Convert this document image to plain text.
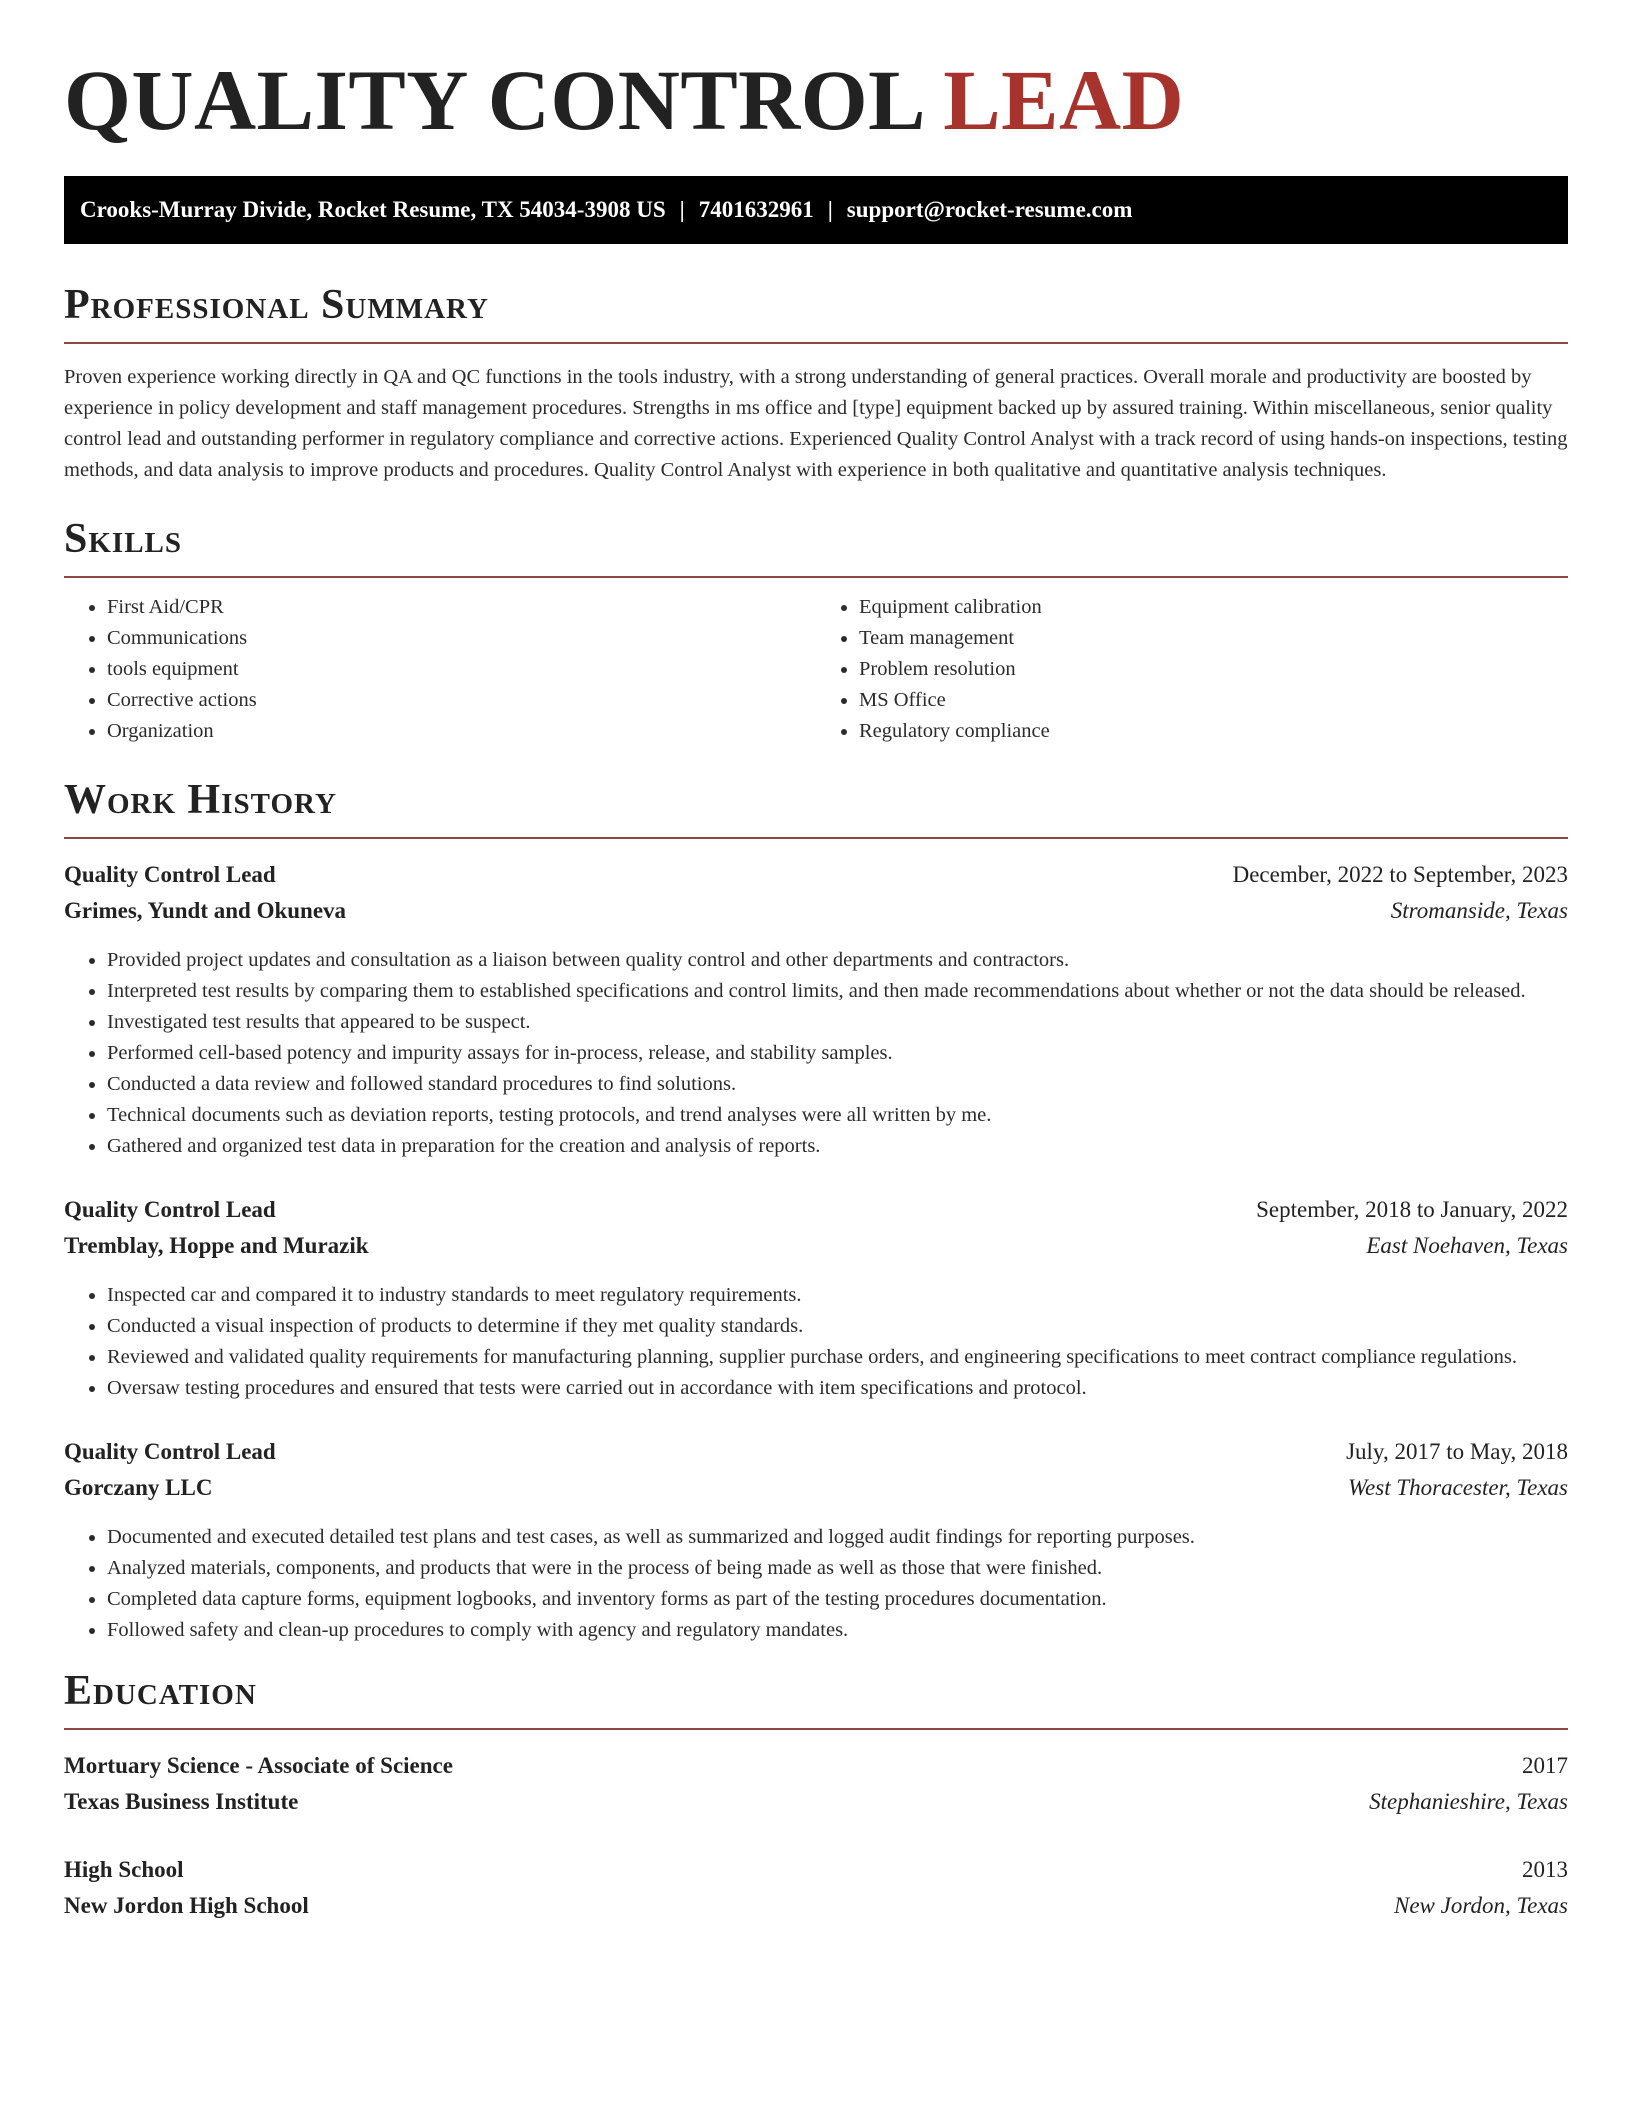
QUALITY CONTROL LEAD
Crooks-Murray Divide, Rocket Resume, TX 54034-3908 US | 7401632961 | support@rocket-resume.com
Professional Summary

Proven experience working directly in QA and QC functions in the tools industry, with a strong understanding of general practices. Overall morale and productivity are boosted by experience in policy development and staff management procedures. Strengths in ms office and [type] equipment backed up by assured training. Within miscellaneous, senior quality control lead and outstanding performer in regulatory compliance and corrective actions. Experienced Quality Control Analyst with a track record of using hands-on inspections, testing methods, and data analysis to improve products and procedures. Quality Control Analyst with experience in both qualitative and quantitative analysis techniques.

Skills
• First Aid/CPR
• Communications
• tools equipment
• Corrective actions
• Organization
• Equipment calibration
• Team management
• Problem resolution
• MS Office
• Regulatory compliance
Work History
Quality Control Lead	December, 2022 to September, 2023
Grimes, Yundt and Okuneva	Stromanside, Texas
• Provided project updates and consultation as a liaison between quality control and other departments and contractors.
• Interpreted test results by comparing them to established specifications and control limits, and then made recommendations about whether or not the data should be released.
• Investigated test results that appeared to be suspect.
• Performed cell-based potency and impurity assays for in-process, release, and stability samples.
• Conducted a data review and followed standard procedures to find solutions.
• Technical documents such as deviation reports, testing protocols, and trend analyses were all written by me.
• Gathered and organized test data in preparation for the creation and analysis of reports.
Quality Control Lead	September, 2018 to January, 2022
Tremblay, Hoppe and Murazik	East Noehaven, Texas
• Inspected car and compared it to industry standards to meet regulatory requirements.
• Conducted a visual inspection of products to determine if they met quality standards.
• Reviewed and validated quality requirements for manufacturing planning, supplier purchase orders, and engineering specifications to meet contract compliance regulations.
• Oversaw testing procedures and ensured that tests were carried out in accordance with item specifications and protocol.
Quality Control Lead	July, 2017 to May, 2018
Gorczany LLC	West Thoracester, Texas
• Documented and executed detailed test plans and test cases, as well as summarized and logged audit findings for reporting purposes.
• Analyzed materials, components, and products that were in the process of being made as well as those that were finished.
• Completed data capture forms, equipment logbooks, and inventory forms as part of the testing procedures documentation.
• Followed safety and clean-up procedures to comply with agency and regulatory mandates.
Education
Mortuary Science - Associate of Science	2017
Texas Business Institute	Stephanieshire, Texas
High School	2013
New Jordon High School	New Jordon, Texas
